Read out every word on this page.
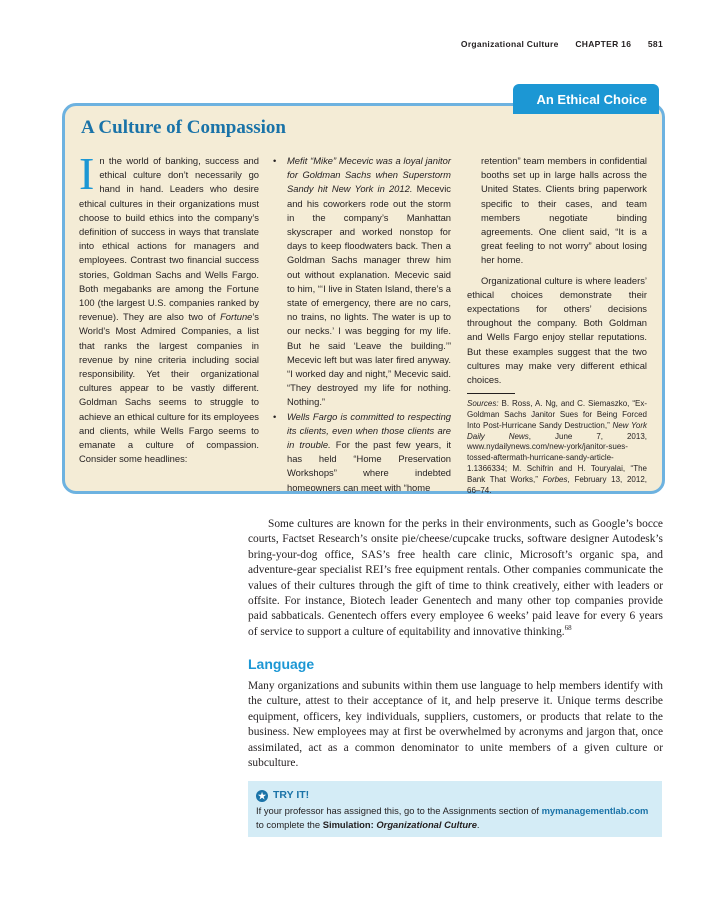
Organizational Culture CHAPTER 16 581
A Culture of Compassion

In the world of banking, success and ethical culture don’t necessarily go hand in hand. Leaders who desire ethical cultures in their organizations must choose to build ethics into the company’s definition of success in ways that translate into ethical actions for managers and employees. Contrast two financial success stories, Goldman Sachs and Wells Fargo. Both megabanks are among the Fortune 100 (the largest U.S. companies ranked by revenue). They are also two of Fortune’s World’s Most Admired Companies, a list that ranks the largest companies in revenue by nine criteria including social responsibility. Yet their organizational cultures appear to be vastly different. Goldman Sachs seems to struggle to achieve an ethical culture for its employees and clients, while Wells Fargo seems to emanate a culture of compassion. Consider some headlines:

• Mefit “Mike” Mecevic was a loyal janitor for Goldman Sachs when Superstorm Sandy hit New York in 2012. Mecevic and his coworkers rode out the storm in the company’s Manhattan skyscraper and worked nonstop for days to keep floodwaters back. Then a Goldman Sachs manager threw him out without explanation. Mecevic said to him, “‘I live in Staten Island, there’s a state of emergency, there are no cars, no trains, no lights. The water is up to our necks.’ I was begging for my life. But he said ‘Leave the building.’” Mecevic left but was later fired anyway. “I worked day and night,” Mecevic said. “They destroyed my life for nothing. Nothing.”

• Wells Fargo is committed to respecting its clients, even when those clients are in trouble. For the past few years, it has held “Home Preservation Workshops” where indebted homeowners can meet with “home

retention” team members in confidential booths set up in large halls across the United States. Clients bring paperwork specific to their cases, and team members negotiate binding agreements. One client said, “It is a great feeling to not worry” about losing her home.

Organizational culture is where leaders’ ethical choices demonstrate their expectations for others’ decisions throughout the company. Both Goldman and Wells Fargo enjoy stellar reputations. But these examples suggest that the two cultures may make very different ethical choices.

Sources: B. Ross, A. Ng, and C. Siemaszko, “Ex-Goldman Sachs Janitor Sues for Being Forced Into Post-Hurricane Sandy Destruction,” New York Daily News, June 7, 2013, www.nydailynews.com/new-york/janitor-sues-tossed-aftermath-hurricane-sandy-article-1.1366334; M. Schifrin and H. Touryalai, “The Bank That Works,” Forbes, February 13, 2012, 66–74.

An Ethical Choice

Some cultures are known for the perks in their environments, such as Google’s bocce courts, Factset Research’s onsite pie/cheese/cupcake trucks, software designer Autodesk’s bring-your-dog office, SAS’s free health care clinic, Microsoft’s organic spa, and adventure-gear specialist REI’s free equipment rentals. Other companies communicate the values of their cultures through the gift of time to think creatively, either with leaders or offsite. For instance, Biotech leader Genentech and many other top companies provide paid sabbaticals. Genentech offers every employee 6 weeks’ paid leave for every 6 years of service to support a culture of equitability and innovative thinking.$^{68}$

Language

Many organizations and subunits within them use language to help members identify with the culture, attest to their acceptance of it, and help preserve it. Unique terms describe equipment, officers, key individuals, suppliers, customers, or products that relate to the business. New employees may at first be overwhelmed by acronyms and jargon that, once assimilated, act as a common denominator to unite members of a given culture or subculture.

★ TRY IT!
If your professor has assigned this, go to the Assignments section of mymanagementlab.com
to complete the Simulation: Organizational Culture.
